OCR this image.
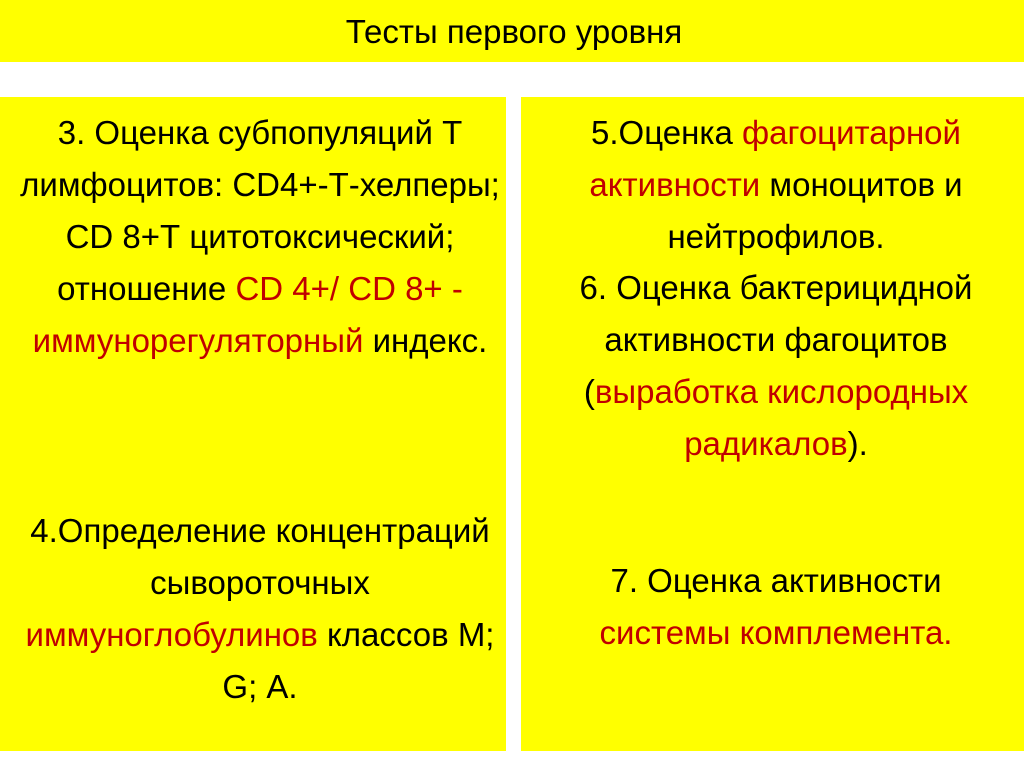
Тесты первого уровня

3. Оценка субпопуляций Т лимфоцитов: CD4+-Т-хелперы; CD 8+Т цитотоксический; отношение CD 4+/ CD 8+ - иммунорегуляторный индекс.

4.Определение концентраций сывороточных иммуноглобулинов классов М; G; А.

5.Оценка фагоцитарной активности моноцитов и нейтрофилов.

6. Оценка бактерицидной активности фагоцитов (выработка кислородных радикалов).

7. Оценка активности системы комплемента.
